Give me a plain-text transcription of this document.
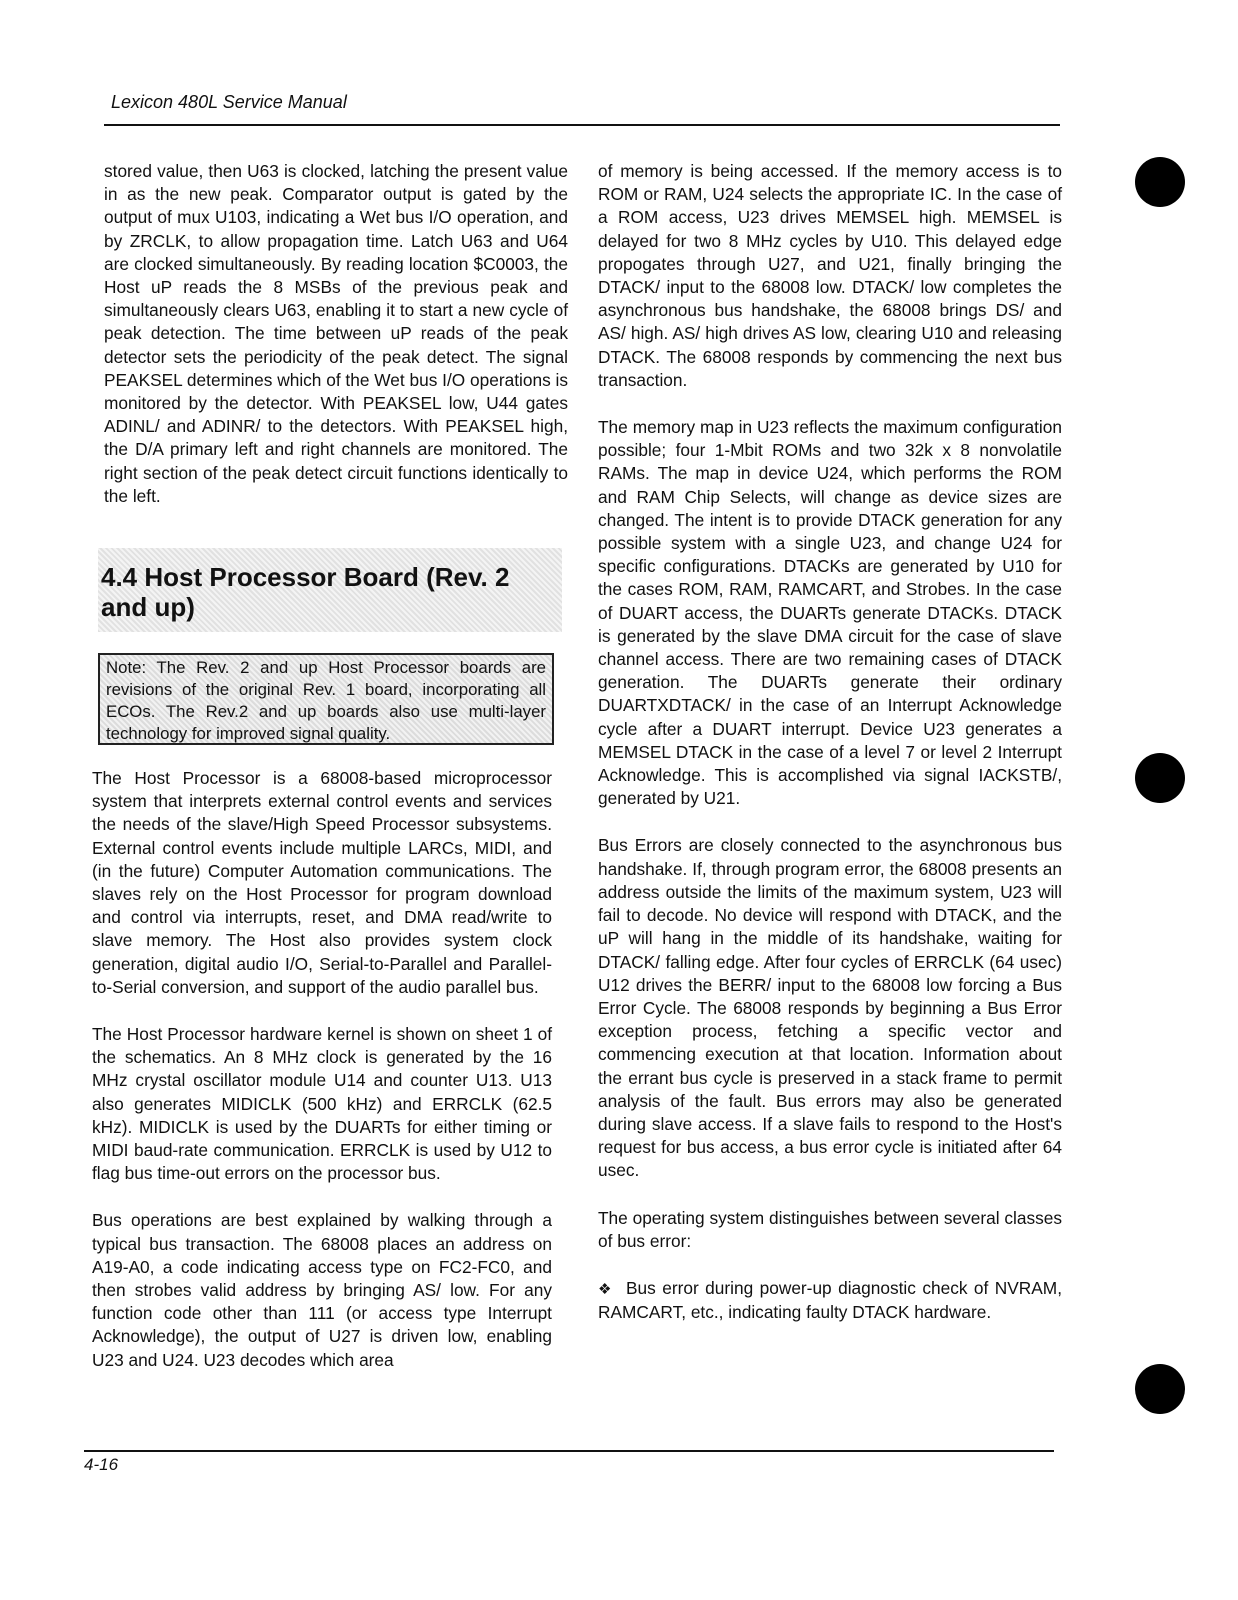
Lexicon 480L Service Manual

stored value, then U63 is clocked, latching the present value in as the new peak. Comparator output is gated by the output of mux U103, indicating a Wet bus I/O operation, and by ZRCLK, to allow propagation time. Latch U63 and U64 are clocked simultaneously. By reading location $C0003, the Host uP reads the 8 MSBs of the previous peak and simultaneously clears U63, enabling it to start a new cycle of peak detection. The time between uP reads of the peak detector sets the periodicity of the peak detect. The signal PEAKSEL determines which of the Wet bus I/O operations is monitored by the detector. With PEAKSEL low, U44 gates ADINL/ and ADINR/ to the detectors. With PEAKSEL high, the D/A primary left and right channels are monitored. The right section of the peak detect circuit functions identically to the left.

4.4 Host Processor Board (Rev. 2 and up)
Note: The Rev. 2 and up Host Processor boards are revisions of the original Rev. 1 board, incorporating all ECOs. The Rev.2 and up boards also use multi-layer technology for improved signal quality.

The Host Processor is a 68008-based microprocessor system that interprets external control events and services the needs of the slave/High Speed Processor subsystems. External control events include multiple LARCs, MIDI, and (in the future) Computer Automation communications. The slaves rely on the Host Processor for program download and control via interrupts, reset, and DMA read/write to slave memory. The Host also provides system clock generation, digital audio I/O, Serial-to-Parallel and Parallel-to-Serial conversion, and support of the audio parallel bus.

The Host Processor hardware kernel is shown on sheet 1 of the schematics. An 8 MHz clock is generated by the 16 MHz crystal oscillator module U14 and counter U13. U13 also generates MIDICLK (500 kHz) and ERRCLK (62.5 kHz). MIDICLK is used by the DUARTs for either timing or MIDI baud-rate communication. ERRCLK is used by U12 to flag bus time-out errors on the processor bus.

Bus operations are best explained by walking through a typical bus transaction. The 68008 places an address on A19-A0, a code indicating access type on FC2-FC0, and then strobes valid address by bringing AS/ low. For any function code other than 111 (or access type Interrupt Acknowledge), the output of U27 is driven low, enabling U23 and U24. U23 decodes which area

of memory is being accessed. If the memory access is to ROM or RAM, U24 selects the appropriate IC. In the case of a ROM access, U23 drives MEMSEL high. MEMSEL is delayed for two 8 MHz cycles by U10. This delayed edge propogates through U27, and U21, finally bringing the DTACK/ input to the 68008 low. DTACK/ low completes the asynchronous bus handshake, the 68008 brings DS/ and AS/ high. AS/ high drives AS low, clearing U10 and releasing DTACK. The 68008 responds by commencing the next bus transaction.

The memory map in U23 reflects the maximum configuration possible; four 1-Mbit ROMs and two 32k x 8 nonvolatile RAMs. The map in device U24, which performs the ROM and RAM Chip Selects, will change as device sizes are changed. The intent is to provide DTACK generation for any possible system with a single U23, and change U24 for specific configurations. DTACKs are generated by U10 for the cases ROM, RAM, RAMCART, and Strobes. In the case of DUART access, the DUARTs generate DTACKs. DTACK is generated by the slave DMA circuit for the case of slave channel access. There are two remaining cases of DTACK generation. The DUARTs generate their ordinary DUARTXDTACK/ in the case of an Interrupt Acknowledge cycle after a DUART interrupt. Device U23 generates a MEMSEL DTACK in the case of a level 7 or level 2 Interrupt Acknowledge. This is accomplished via signal IACKSTB/, generated by U21.

Bus Errors are closely connected to the asynchronous bus handshake. If, through program error, the 68008 presents an address outside the limits of the maximum system, U23 will fail to decode. No device will respond with DTACK, and the uP will hang in the middle of its handshake, waiting for DTACK/ falling edge. After four cycles of ERRCLK (64 usec) U12 drives the BERR/ input to the 68008 low forcing a Bus Error Cycle. The 68008 responds by beginning a Bus Error exception process, fetching a specific vector and commencing execution at that location. Information about the errant bus cycle is preserved in a stack frame to permit analysis of the fault. Bus errors may also be generated during slave access. If a slave fails to respond to the Host's request for bus access, a bus error cycle is initiated after 64 usec.

The operating system distinguishes between several classes of bus error:

❖ Bus error during power-up diagnostic check of NVRAM, RAMCART, etc., indicating faulty DTACK hardware.

4-16
